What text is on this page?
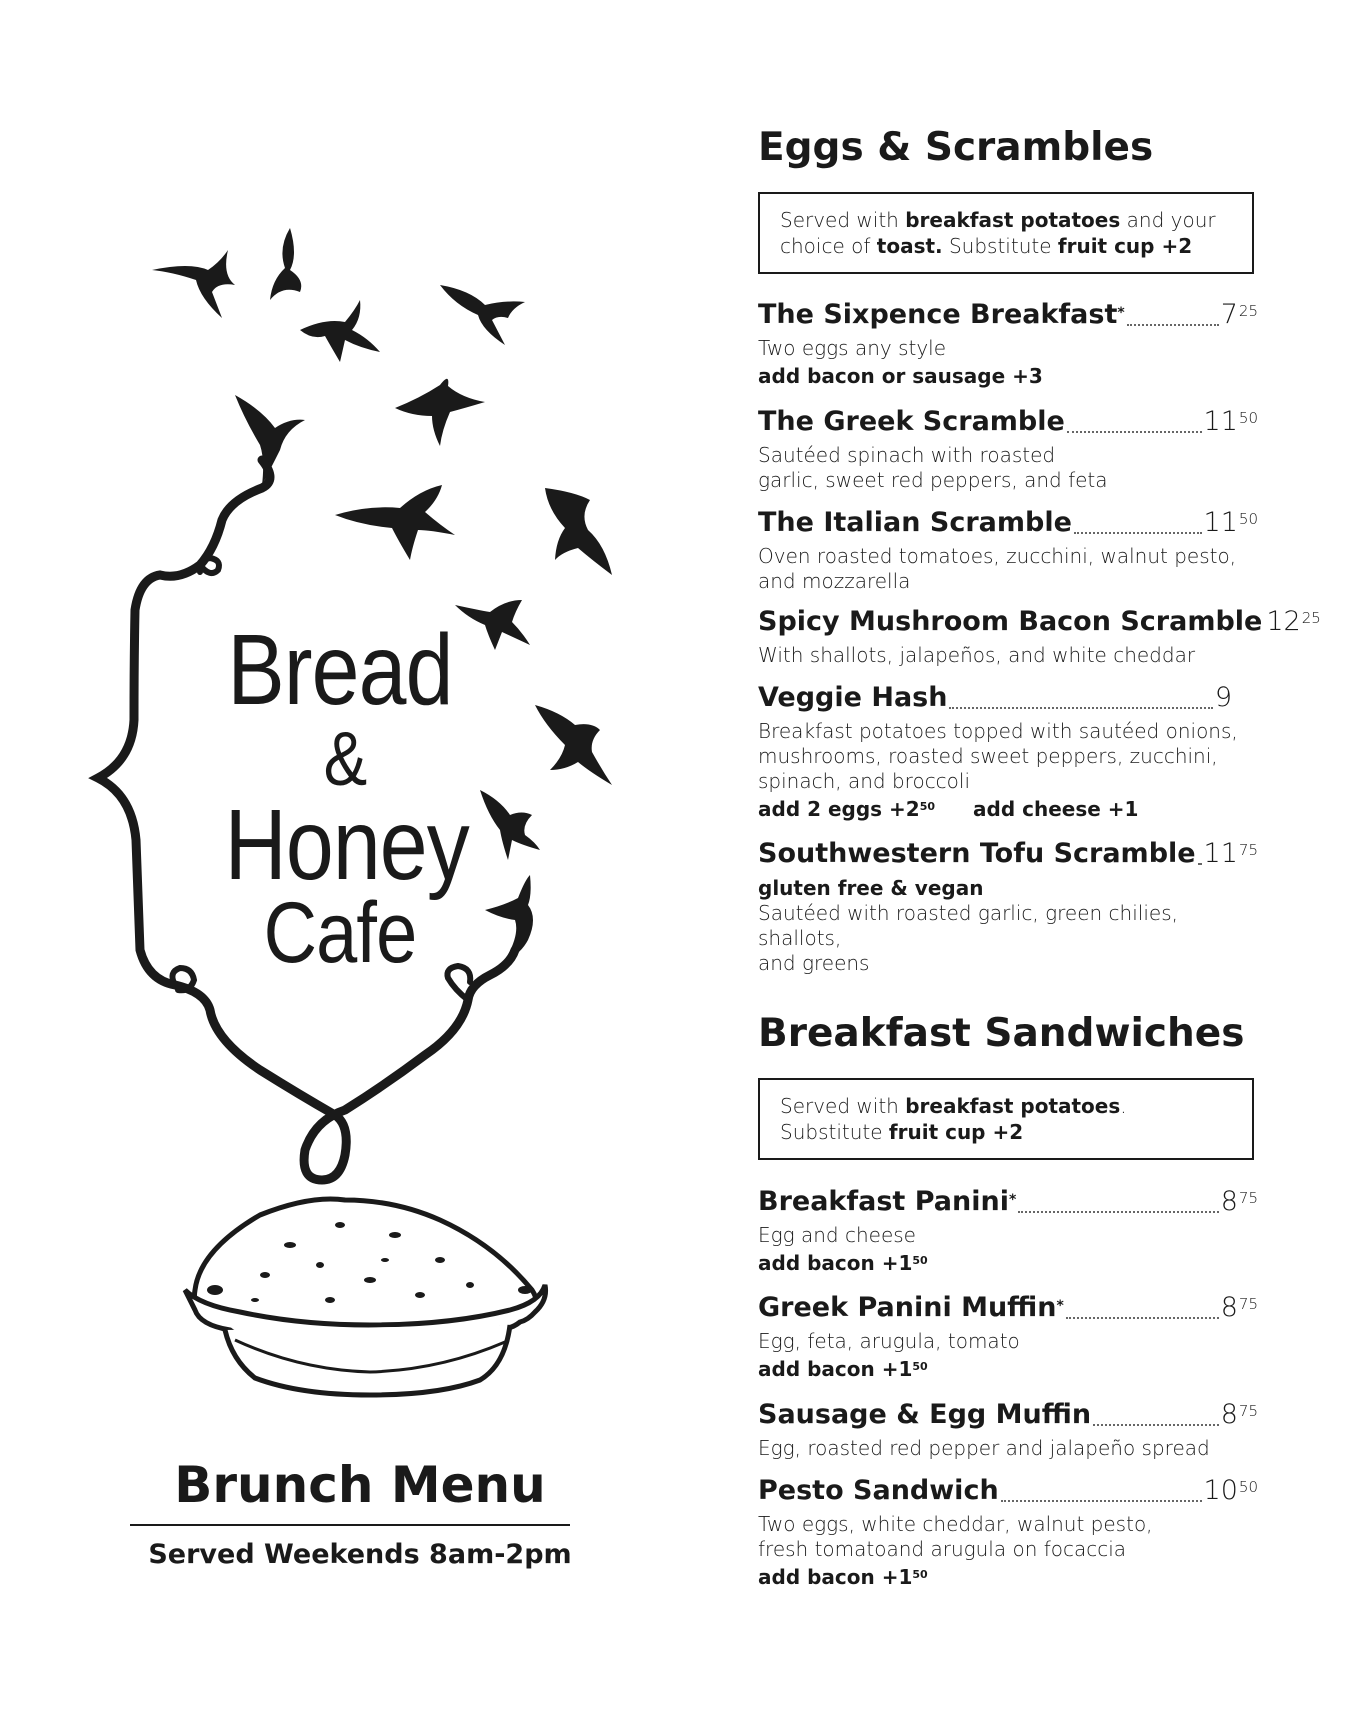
Bread
&
Honey
Cafe
Brunch Menu
Served Weekends 8am-2pm
Eggs & Scrambles
Served with breakfast potatoes and your choice of toast. Substitute fruit cup +2
The Sixpence Breakfast*	$7^{25}$
Two eggs any style
add bacon or sausage +3
The Greek Scramble	$11^{50}$
Sautéed spinach with roasted
garlic, sweet red peppers, and feta
The Italian Scramble	$11^{50}$
Oven roasted tomatoes, zucchini, walnut pesto,
and mozzarella
Spicy Mushroom Bacon Scramble $12^{25}$
With shallots, jalapeños, and white cheddar
Veggie Hash	9
Breakfast potatoes topped with sautéed onions,
mushrooms, roasted sweet peppers, zucchini,
spinach, and broccoli
add 2 eggs $+2^{50}$ add cheese +1
Southwestern Tofu Scramble $11^{75}$
gluten free & vegan
Sautéed with roasted garlic, green chilies, shallots,
and greens
Breakfast Sandwiches
Served with breakfast potatoes.
Substitute fruit cup +2
Breakfast Panini*	$8^{75}$
Egg and cheese
add bacon $+1^{50}$
Greek Panini Muffin*	$8^{75}$
Egg, feta, arugula, tomato
add bacon $+1^{50}$
Sausage & Egg Muffin	$8^{75}$
Egg, roasted red pepper and jalapeño spread
Pesto Sandwich	$10^{50}$
Two eggs, white cheddar, walnut pesto,
fresh tomatoand arugula on focaccia
add bacon $+1^{50}$
